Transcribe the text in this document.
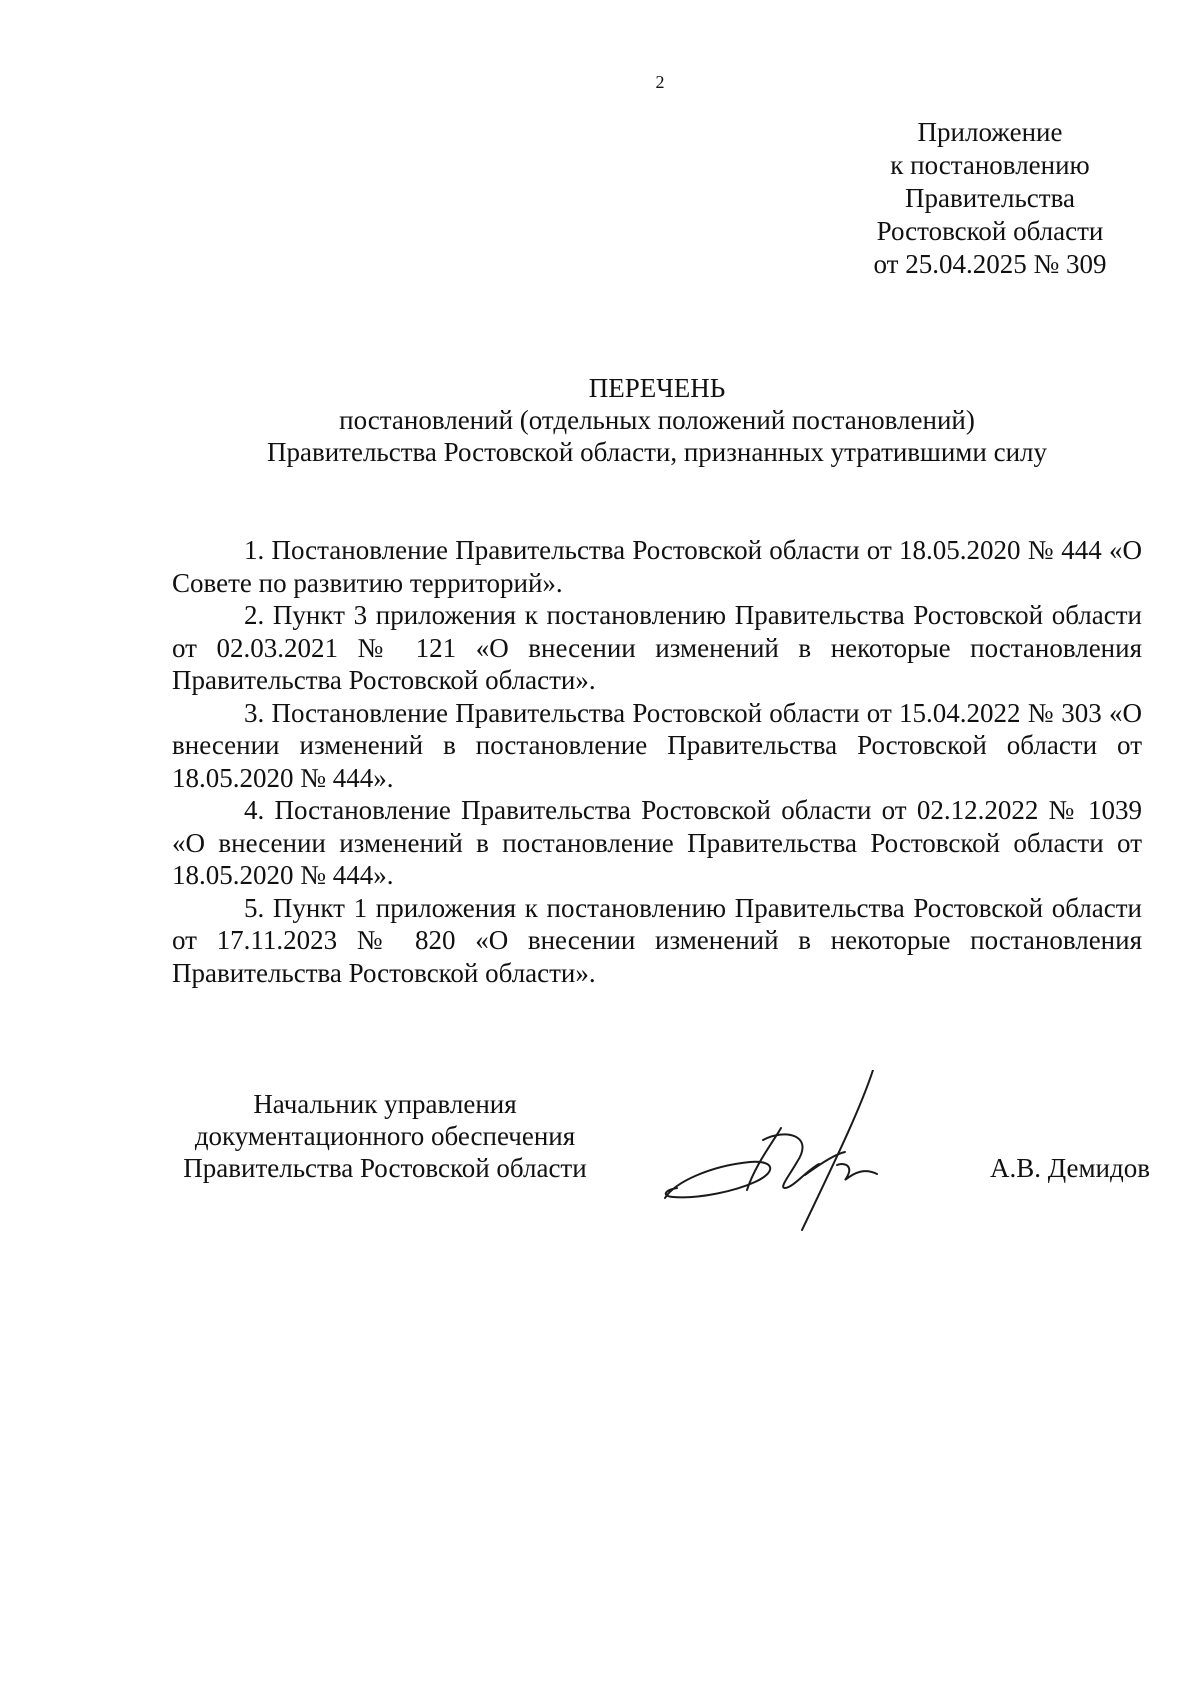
2
Приложение
к постановлению
Правительства
Ростовской области
от 25.04.2025 № 309
ПЕРЕЧЕНЬ
постановлений (отдельных положений постановлений)
Правительства Ростовской области, признанных утратившими силу

1. Постановление Правительства Ростовской области от 18.05.2020 № 444 «О Совете по развитию территорий».

2. Пункт 3 приложения к постановлению Правительства Ростовской области от 02.03.2021 № 121 «О внесении изменений в некоторые постановления Правительства Ростовской области».

3. Постановление Правительства Ростовской области от 15.04.2022 № 303 «О внесении изменений в постановление Правительства Ростовской области от 18.05.2020 № 444».

4. Постановление Правительства Ростовской области от 02.12.2022 № 1039 «О внесении изменений в постановление Правительства Ростовской области от 18.05.2020 № 444».

5. Пункт 1 приложения к постановлению Правительства Ростовской области от 17.11.2023 № 820 «О внесении изменений в некоторые постановления Правительства Ростовской области».

Начальник управления
документационного обеспечения
Правительства Ростовской области	А.В. Демидов
